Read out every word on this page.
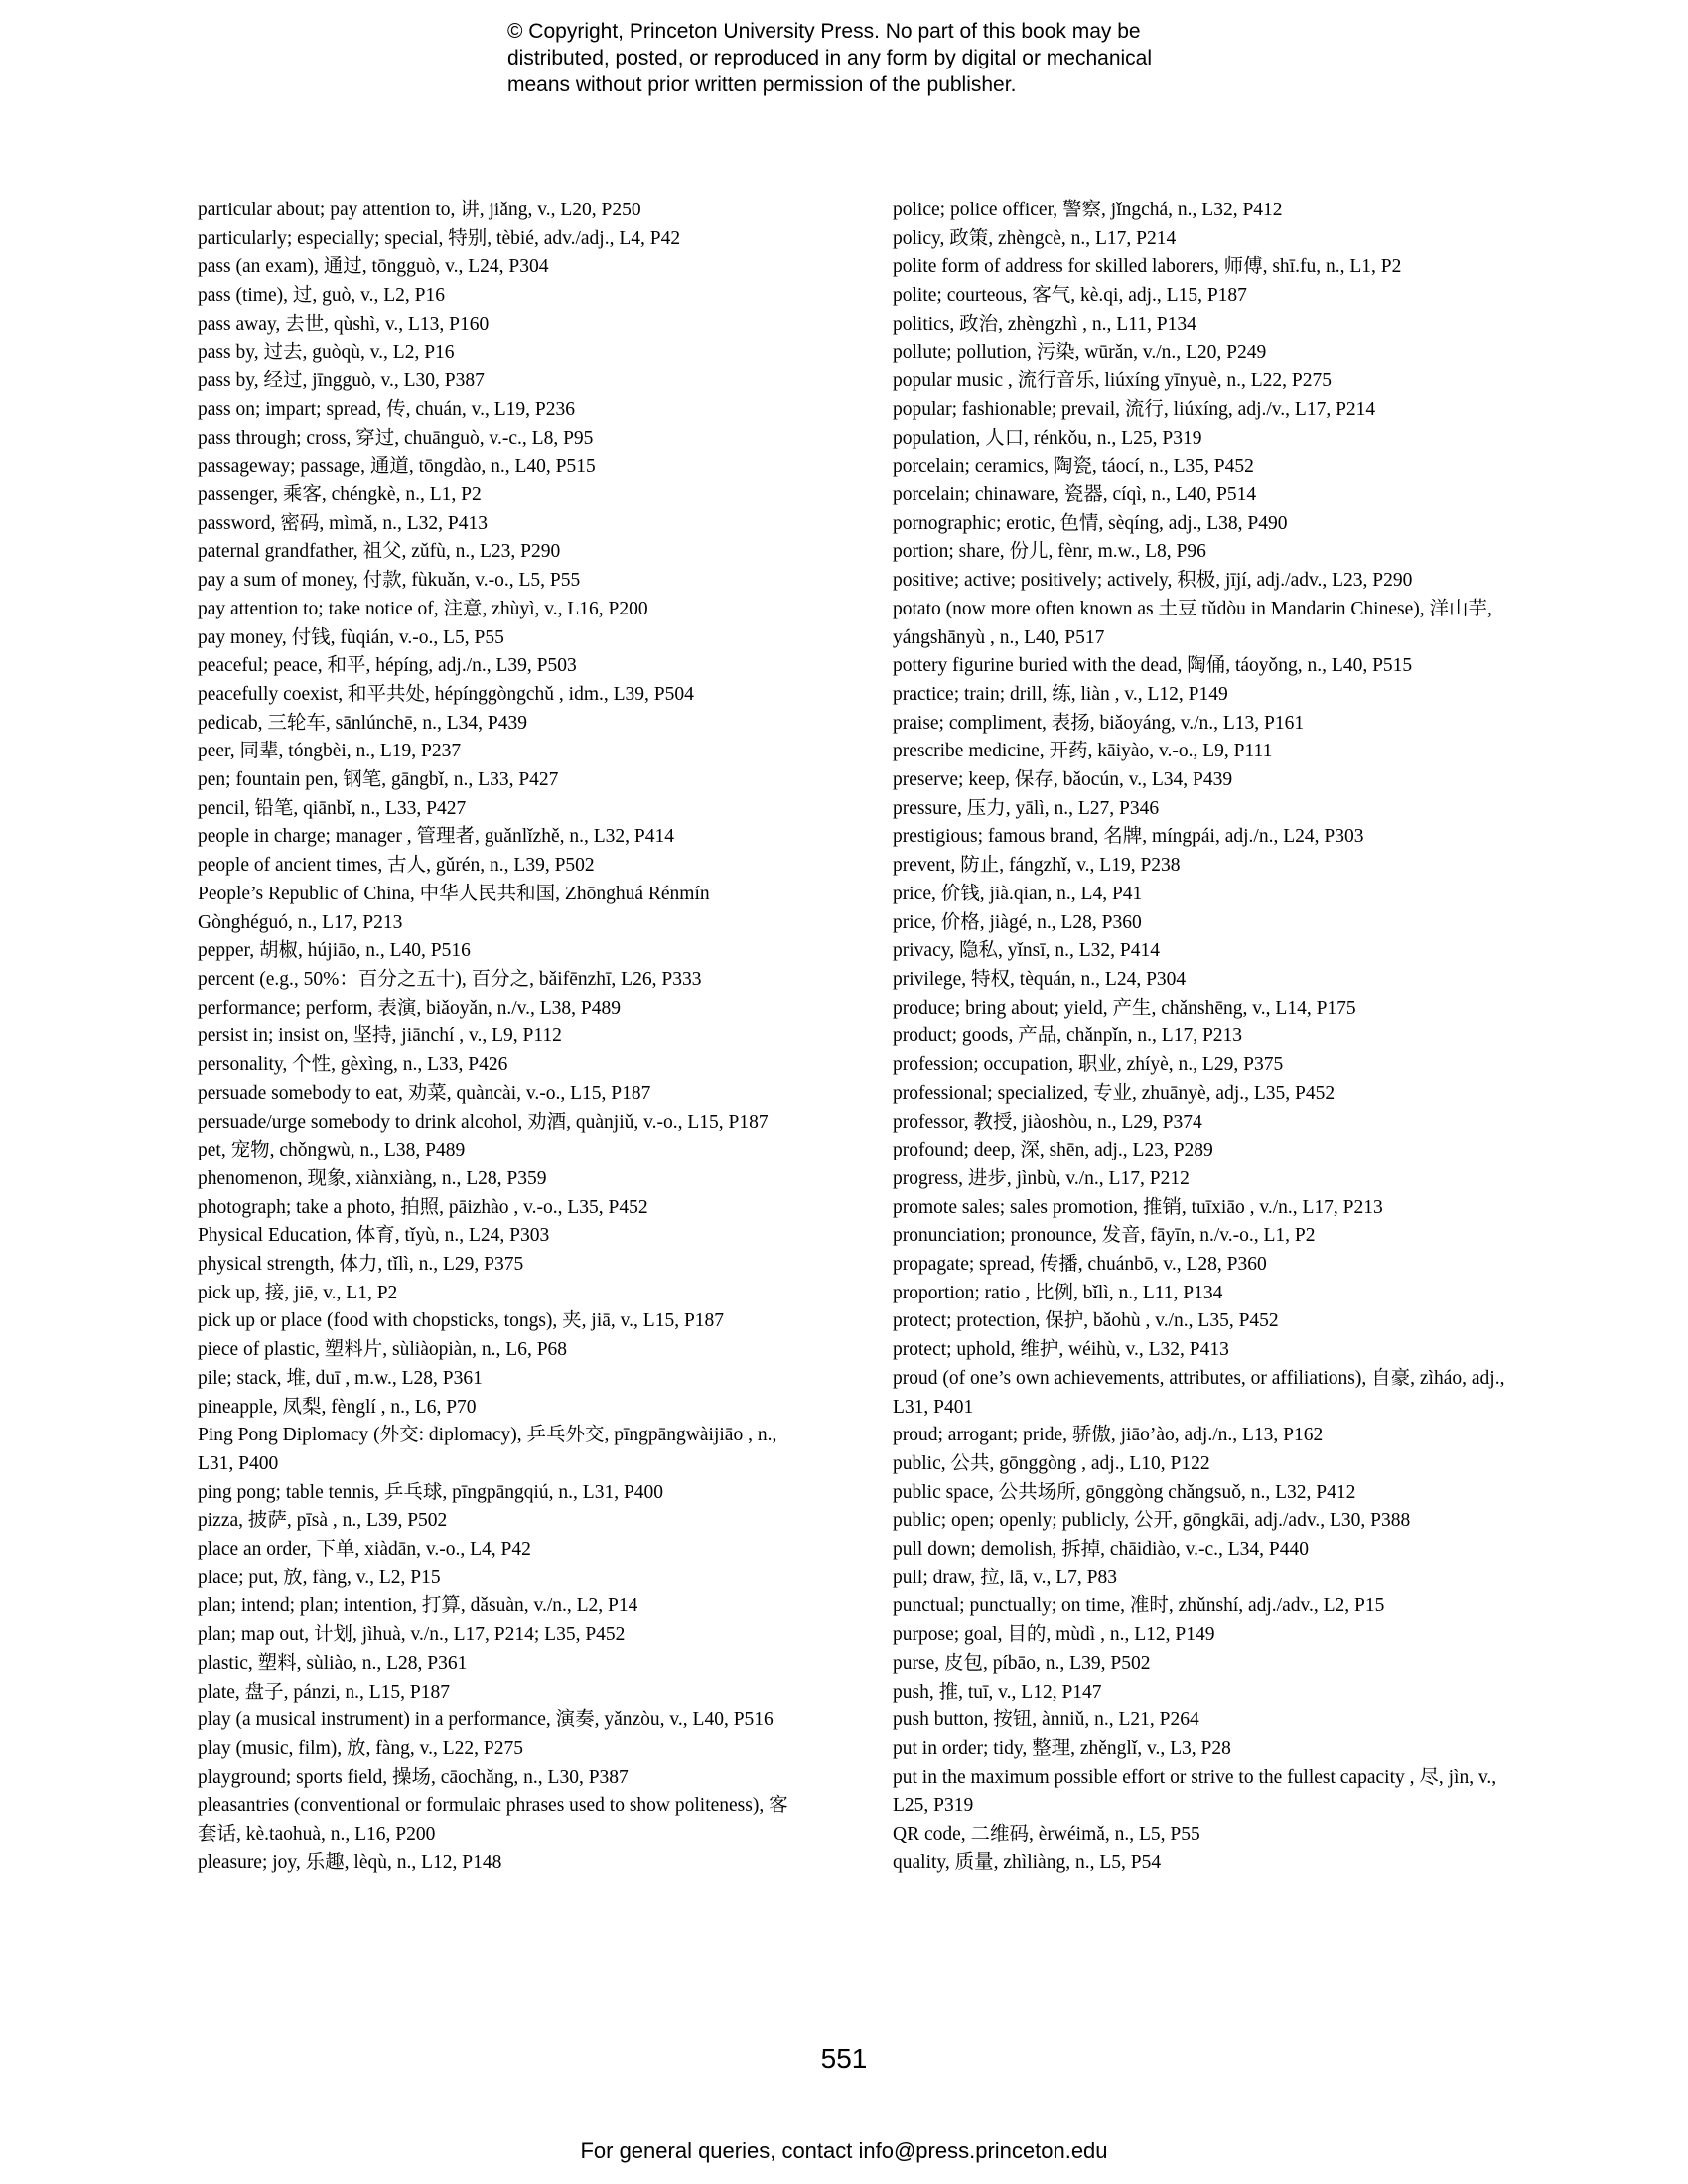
© Copyright, Princeton University Press. No part of this book may be
distributed, posted, or reproduced in any form by digital or mechanical
means without prior written permission of the publisher.

particular about; pay attention to, 讲, jiǎng, v., L20, P250

particularly; especially; special, 特别, tèbié, adv./adj., L4, P42

pass (an exam), 通过, tōngguò, v., L24, P304

pass (time), 过, guò, v., L2, P16

pass away, 去世, qùshì, v., L13, P160

pass by, 过去, guòqù, v., L2, P16

pass by, 经过, jīngguò, v., L30, P387

pass on; impart; spread, 传, chuán, v., L19, P236

pass through; cross, 穿过, chuānguò, v.-c., L8, P95

passageway; passage, 通道, tōngdào, n., L40, P515

passenger, 乘客, chéngkè, n., L1, P2

password, 密码, mìmǎ, n., L32, P413

paternal grandfather, 祖父, zǔfù, n., L23, P290

pay a sum of money, 付款, fùkuǎn, v.-o., L5, P55

pay attention to; take notice of, 注意, zhùyì, v., L16, P200

pay money, 付钱, fùqián, v.-o., L5, P55

peaceful; peace, 和平, hépíng, adj./n., L39, P503

peacefully coexist, 和平共处, hépínggòngchǔ , idm., L39, P504

pedicab, 三轮车, sānlúnchē, n., L34, P439

peer, 同辈, tóngbèi, n., L19, P237

pen; fountain pen, 钢笔, gāngbǐ, n., L33, P427

pencil, 铅笔, qiānbǐ, n., L33, P427

people in charge; manager , 管理者, guǎnlǐzhě, n., L32, P414

people of ancient times, 古人, gǔrén, n., L39, P502

People’s Republic of China, 中华人民共和国, Zhōnghuá Rénmín Gònghéguó, n., L17, P213

pepper, 胡椒, hújiāo, n., L40, P516

percent (e.g., 50%：百分之五十), 百分之, bǎifēnzhī, L26, P333

performance; perform, 表演, biǎoyǎn, n./v., L38, P489

persist in; insist on, 坚持, jiānchí , v., L9, P112

personality, 个性, gèxìng, n., L33, P426

persuade somebody to eat, 劝菜, quàncài, v.-o., L15, P187

persuade/urge somebody to drink alcohol, 劝酒, quànjiǔ, v.-o., L15, P187

pet, 宠物, chǒngwù, n., L38, P489

phenomenon, 现象, xiànxiàng, n., L28, P359

photograph; take a photo, 拍照, pāizhào , v.-o., L35, P452

Physical Education, 体育, tǐyù, n., L24, P303

physical strength, 体力, tǐlì, n., L29, P375

pick up, 接, jiē, v., L1, P2

pick up or place (food with chopsticks, tongs), 夹, jiā, v., L15, P187

piece of plastic, 塑料片, sùliàopiàn, n., L6, P68

pile; stack, 堆, duī , m.w., L28, P361

pineapple, 凤梨, fènglí , n., L6, P70

Ping Pong Diplomacy (外交: diplomacy), 乒乓外交, pīngpāngwàijiāo , n., L31, P400

ping pong; table tennis, 乒乓球, pīngpāngqiú, n., L31, P400

pizza, 披萨, pīsà , n., L39, P502

place an order, 下单, xiàdān, v.-o., L4, P42

place; put, 放, fàng, v., L2, P15

plan; intend; plan; intention, 打算, dǎsuàn, v./n., L2, P14

plan; map out, 计划, jìhuà, v./n., L17, P214; L35, P452

plastic, 塑料, sùliào, n., L28, P361

plate, 盘子, pánzi, n., L15, P187

play (a musical instrument) in a performance, 演奏, yǎnzòu, v., L40, P516

play (music, film), 放, fàng, v., L22, P275

playground; sports field, 操场, cāochǎng, n., L30, P387

pleasantries (conventional or formulaic phrases used to show politeness), 客套话, kè.taohuà, n., L16, P200

pleasure; joy, 乐趣, lèqù, n., L12, P148

police; police officer, 警察, jǐngchá, n., L32, P412

policy, 政策, zhèngcè, n., L17, P214

polite form of address for skilled laborers, 师傅, shī.fu, n., L1, P2

polite; courteous, 客气, kè.qi, adj., L15, P187

politics, 政治, zhèngzhì , n., L11, P134

pollute; pollution, 污染, wūrǎn, v./n., L20, P249

popular music , 流行音乐, liúxíng yīnyuè, n., L22, P275

popular; fashionable; prevail, 流行, liúxíng, adj./v., L17, P214

population, 人口, rénkǒu, n., L25, P319

porcelain; ceramics, 陶瓷, táocí, n., L35, P452

porcelain; chinaware, 瓷器, cíqì, n., L40, P514

pornographic; erotic, 色情, sèqíng, adj., L38, P490

portion; share, 份儿, fènr, m.w., L8, P96

positive; active; positively; actively, 积极, jījí, adj./adv., L23, P290

potato (now more often known as 土豆 tǔdòu in Mandarin Chinese), 洋山芋, yángshānyù , n., L40, P517

pottery figurine buried with the dead, 陶俑, táoyǒng, n., L40, P515

practice; train; drill, 练, liàn , v., L12, P149

praise; compliment, 表扬, biǎoyáng, v./n., L13, P161

prescribe medicine, 开药, kāiyào, v.-o., L9, P111

preserve; keep, 保存, bǎocún, v., L34, P439

pressure, 压力, yālì, n., L27, P346

prestigious; famous brand, 名牌, míngpái, adj./n., L24, P303

prevent, 防止, fángzhǐ, v., L19, P238

price, 价钱, jià.qian, n., L4, P41

price, 价格, jiàgé, n., L28, P360

privacy, 隐私, yǐnsī, n., L32, P414

privilege, 特权, tèquán, n., L24, P304

produce; bring about; yield, 产生, chǎnshēng, v., L14, P175

product; goods, 产品, chǎnpǐn, n., L17, P213

profession; occupation, 职业, zhíyè, n., L29, P375

professional; specialized, 专业, zhuānyè, adj., L35, P452

professor, 教授, jiàoshòu, n., L29, P374

profound; deep, 深, shēn, adj., L23, P289

progress, 进步, jìnbù, v./n., L17, P212

promote sales; sales promotion, 推销, tuīxiāo , v./n., L17, P213

pronunciation; pronounce, 发音, fāyīn, n./v.-o., L1, P2

propagate; spread, 传播, chuánbō, v., L28, P360

proportion; ratio , 比例, bǐlì, n., L11, P134

protect; protection, 保护, bǎohù , v./n., L35, P452

protect; uphold, 维护, wéihù, v., L32, P413

proud (of one’s own achievements, attributes, or affiliations), 自豪, zìháo, adj., L31, P401

proud; arrogant; pride, 骄傲, jiāo’ào, adj./n., L13, P162

public, 公共, gōnggòng , adj., L10, P122

public space, 公共场所, gōnggòng chǎngsuǒ, n., L32, P412

public; open; openly; publicly, 公开, gōngkāi, adj./adv., L30, P388

pull down; demolish, 拆掉, chāidiào, v.-c., L34, P440

pull; draw, 拉, lā, v., L7, P83

punctual; punctually; on time, 准时, zhǔnshí, adj./adv., L2, P15

purpose; goal, 目的, mùdì , n., L12, P149

purse, 皮包, píbāo, n., L39, P502

push, 推, tuī, v., L12, P147

push button, 按钮, ànniǔ, n., L21, P264

put in order; tidy, 整理, zhěnglǐ, v., L3, P28

put in the maximum possible effort or strive to the fullest capacity , 尽, jìn, v., L25, P319

QR code, 二维码, èrwéimǎ, n., L5, P55

quality, 质量, zhìliàng, n., L5, P54

551
For general queries, contact info@press.princeton.edu
